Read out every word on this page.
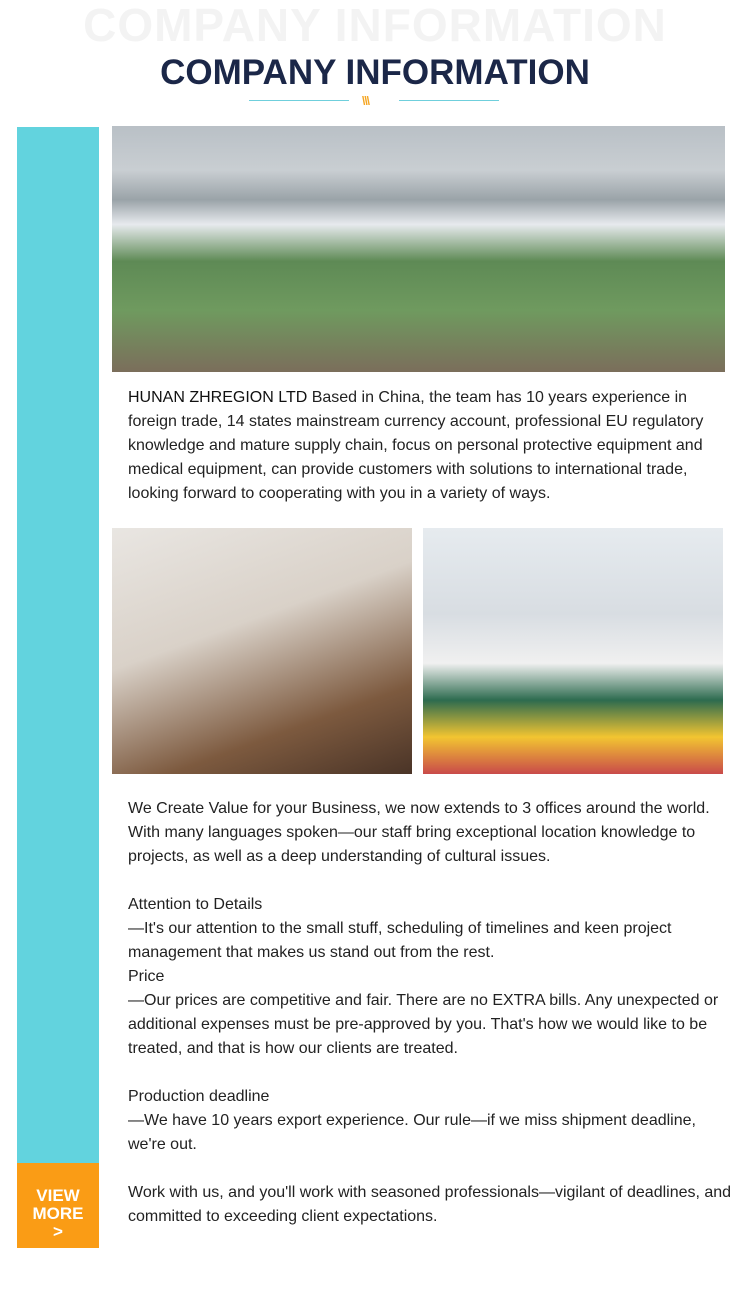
COMPANY INFORMATION
COMPANY INFORMATION
\\\
VIEW
MORE
>
HUNAN ZHREGION LTD Based in China, the team has 10 years experience in foreign trade, 14 states mainstream currency account, professional EU regulatory knowledge and mature supply chain, focus on personal protective equipment and medical equipment, can provide customers with solutions to international trade, looking forward to cooperating with you in a variety of ways.

We Create Value for your Business, we now extends to 3 offices around the world. With many languages spoken—our staff bring exceptional location knowledge to projects, as well as a deep understanding of cultural issues.

Attention to Details

—It's our attention to the small stuff, scheduling of timelines and keen project management that makes us stand out from the rest.

Price

—Our prices are competitive and fair. There are no EXTRA bills. Any unexpected or additional expenses must be pre-approved by you. That's how we would like to be treated, and that is how our clients are treated.

Production deadline

—We have 10 years export experience. Our rule—if we miss shipment deadline, we're out.

Work with us, and you'll work with seasoned professionals—vigilant of deadlines, and committed to exceeding client expectations.
